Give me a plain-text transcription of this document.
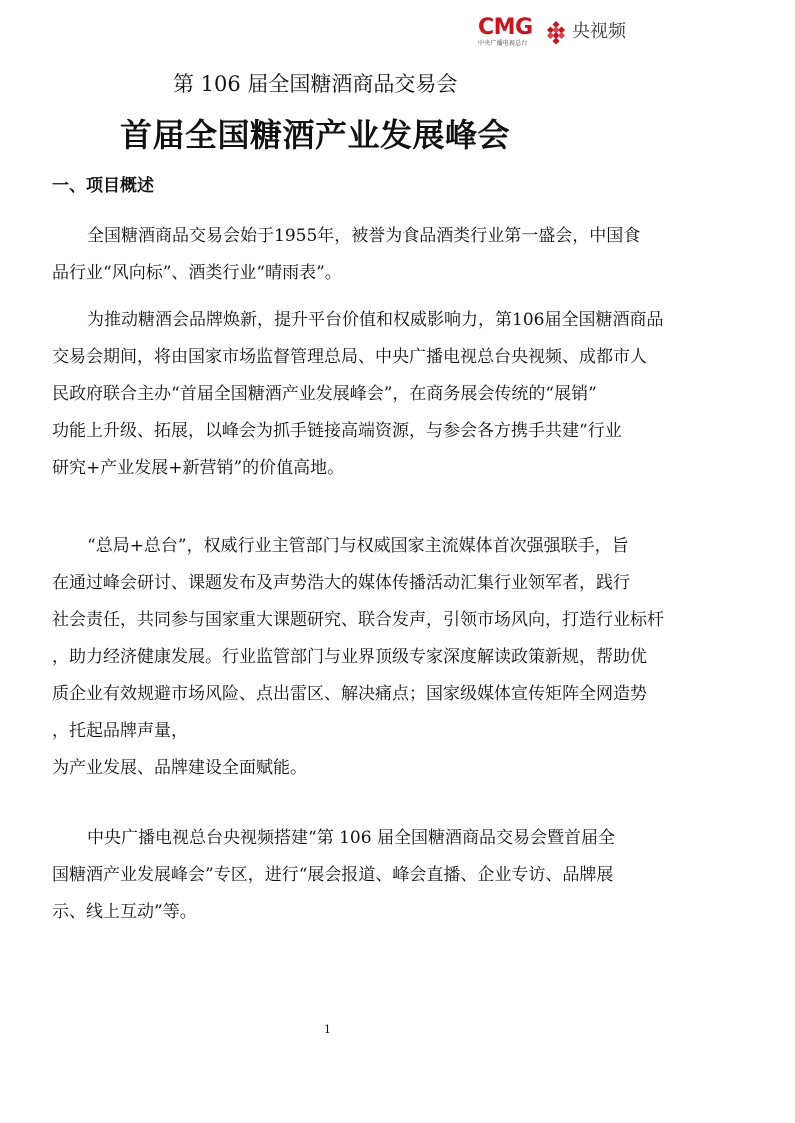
CMG
中央广播电视总台
央视频
第 106 届全国糖酒商品交易会
首届全国糖酒产业发展峰会
一、项目概述
全国糖酒商品交易会始于1955年，被誉为食品酒类行业第一盛会，中国食
品行业“风向标”、酒类行业“晴雨表”。
为推动糖酒会品牌焕新，提升平台价值和权威影响力，第106届全国糖酒商品
交易会期间，将由国家市场监督管理总局、中央广播电视总台央视频、成都市人
民政府联合主办“首届全国糖酒产业发展峰会”，在商务展会传统的“展销”
功能上升级、拓展，以峰会为抓手链接高端资源，与参会各方携手共建“行业
研究+产业发展+新营销”的价值高地。
“总局+总台”，权威行业主管部门与权威国家主流媒体首次强强联手，旨
在通过峰会研讨、课题发布及声势浩大的媒体传播活动汇集行业领军者，践行
社会责任，共同参与国家重大课题研究、联合发声，引领市场风向，打造行业标杆
，助力经济健康发展。行业监管部门与业界顶级专家深度解读政策新规，帮助优
质企业有效规避市场风险、点出雷区、解决痛点；国家级媒体宣传矩阵全网造势
，托起品牌声量，
为产业发展、品牌建设全面赋能。
中央广播电视总台央视频搭建“第 106 届全国糖酒商品交易会暨首届全
国糖酒产业发展峰会”专区，进行“展会报道、峰会直播、企业专访、品牌展
示、线上互动”等。
1
